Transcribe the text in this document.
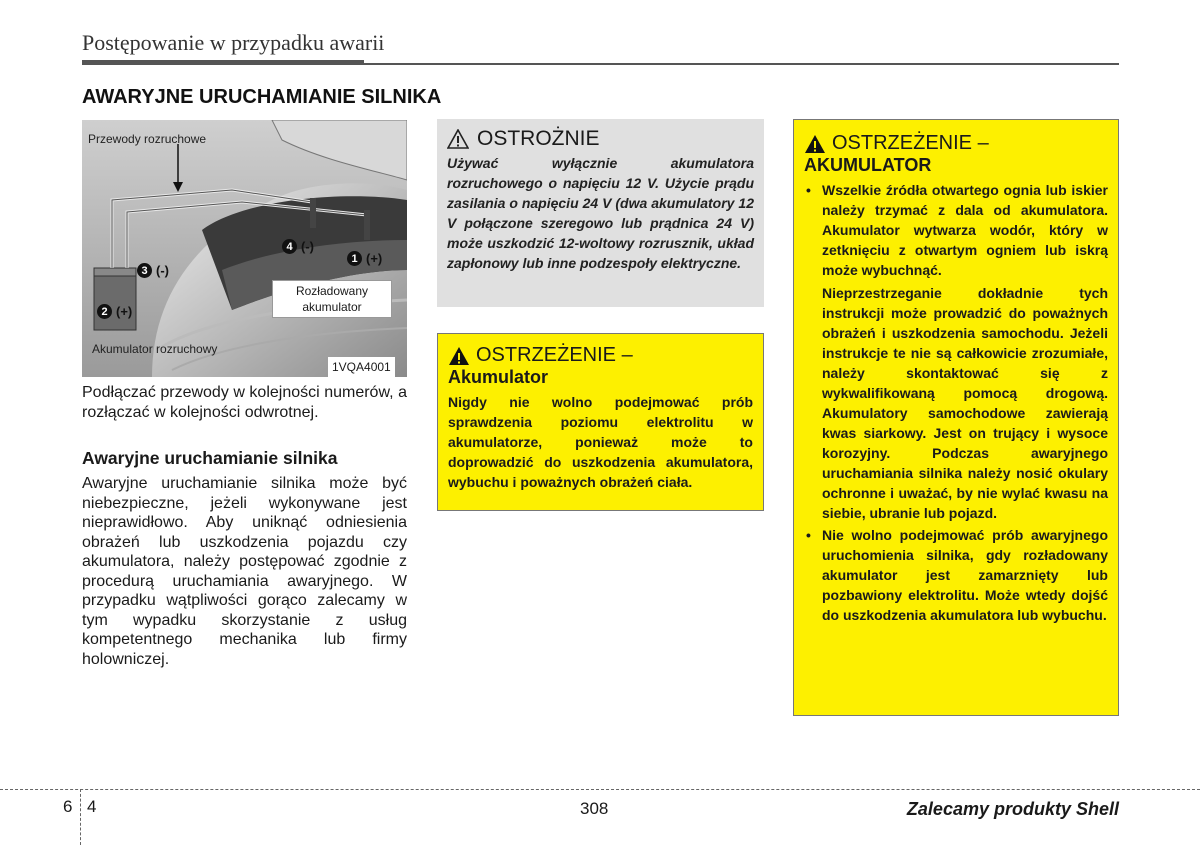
Postępowanie w przypadku awarii
AWARYJNE URUCHAMIANIE SILNIKA
Przewody rozruchowe
Rozładowany akumulator
Akumulator rozruchowy
1VQA4001
1 (+)
2 (+)
3 (-)
4 (-)
Podłączać przewody w kolejności numerów, a rozłączać w kolejności odwrotnej.
Awaryjne uruchamianie silnika
Awaryjne uruchamianie silnika może być niebezpieczne, jeżeli wykonywane jest nieprawidłowo. Aby uniknąć odniesienia obrażeń lub uszkodzenia pojazdu czy akumulatora, należy postępować zgodnie z procedurą uruchamiania awaryjnego. W przypadku wątpliwości gorąco zalecamy w tym wypadku skorzystanie z usług kompetentnego mechanika lub firmy holowniczej.
OSTROŻNIE
Używać wyłącznie akumulatora rozruchowego o napięciu 12 V. Użycie prądu zasilania o napięciu 24 V (dwa akumulatory 12 V połączone szeregowo lub prądnica 24 V) może uszkodzić 12-woltowy rozrusznik, układ zapłonowy lub inne podzespoły elektryczne.
OSTRZEŻENIE –
Akumulator
Nigdy nie wolno podejmować prób sprawdzenia poziomu elektrolitu w akumulatorze, ponieważ może to doprowadzić do uszkodzenia akumulatora, wybuchu i poważnych obrażeń ciała.
OSTRZEŻENIE –
AKUMULATOR

• Wszelkie źródła otwartego ognia lub iskier należy trzymać z dala od akumulatora. Akumulator wytwarza wodór, który w zetknięciu z otwartym ogniem lub iskrą może wybuchnąć.

Nieprzestrzeganie dokładnie tych instrukcji może prowadzić do poważnych obrażeń i uszkodzenia samochodu. Jeżeli instrukcje te nie są całkowicie zrozumiałe, należy skontaktować się z wykwalifikowaną pomocą drogową. Akumulatory samochodowe zawierają kwas siarkowy. Jest on trujący i wysoce korozyjny. Podczas awaryjnego uruchamiania silnika należy nosić okulary ochronne i uważać, by nie wylać kwasu na siebie, ubranie lub pojazd.

• Nie wolno podejmować prób awaryjnego uruchomienia silnika, gdy rozładowany akumulator jest zamarznięty lub pozbawiony elektrolitu. Może wtedy dojść do uszkodzenia akumulatora lub wybuchu.

6 4	308	Zalecamy produkty Shell
